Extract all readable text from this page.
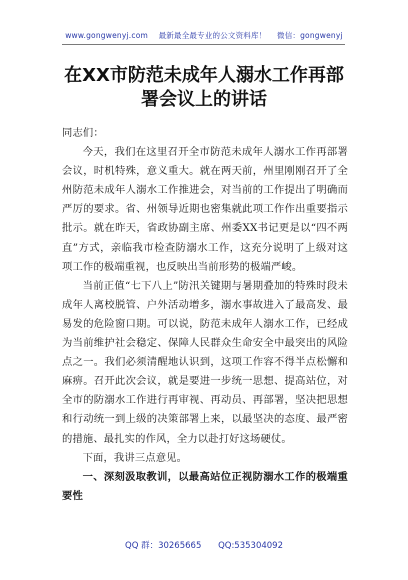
www.gongwenyj.com 最新最全最专业的公文资料库！ 微信：gongwenyj
在XX市防范未成年人溺水工作再部署会议上的讲话

同志们：

今天，我们在这里召开全市防范未成年人溺水工作再部署会议，时机特殊，意义重大。就在两天前，州里刚刚召开了全州防范未成年人溺水工作推进会，对当前的工作提出了明确而严厉的要求。省、州领导近期也密集就此项工作作出重要指示批示。就在昨天，省政协副主席、州委XX书记更是以“四不两直”方式，亲临我市检查防溺水工作，这充分说明了上级对这项工作的极端重视，也反映出当前形势的极端严峻。

当前正值“七下八上”防汛关键期与暑期叠加的特殊时段未成年人离校脱管、户外活动增多，溺水事故进入了最高发、最易发的危险窗口期。可以说，防范未成年人溺水工作，已经成为当前维护社会稳定、保障人民群众生命安全中最突出的风险点之一。我们必须清醒地认识到，这项工作容不得半点松懈和麻痹。召开此次会议，就是要进一步统一思想、提高站位，对全市的防溺水工作进行再审视、再动员、再部署，坚决把思想和行动统一到上级的决策部署上来，以最坚决的态度、最严密的措施、最扎实的作风，全力以赴打好这场硬仗。

下面，我讲三点意见。

一、深刻汲取教训，以最高站位正视防溺水工作的极端重要性

QQ 群：30265665 QQ:535304092
